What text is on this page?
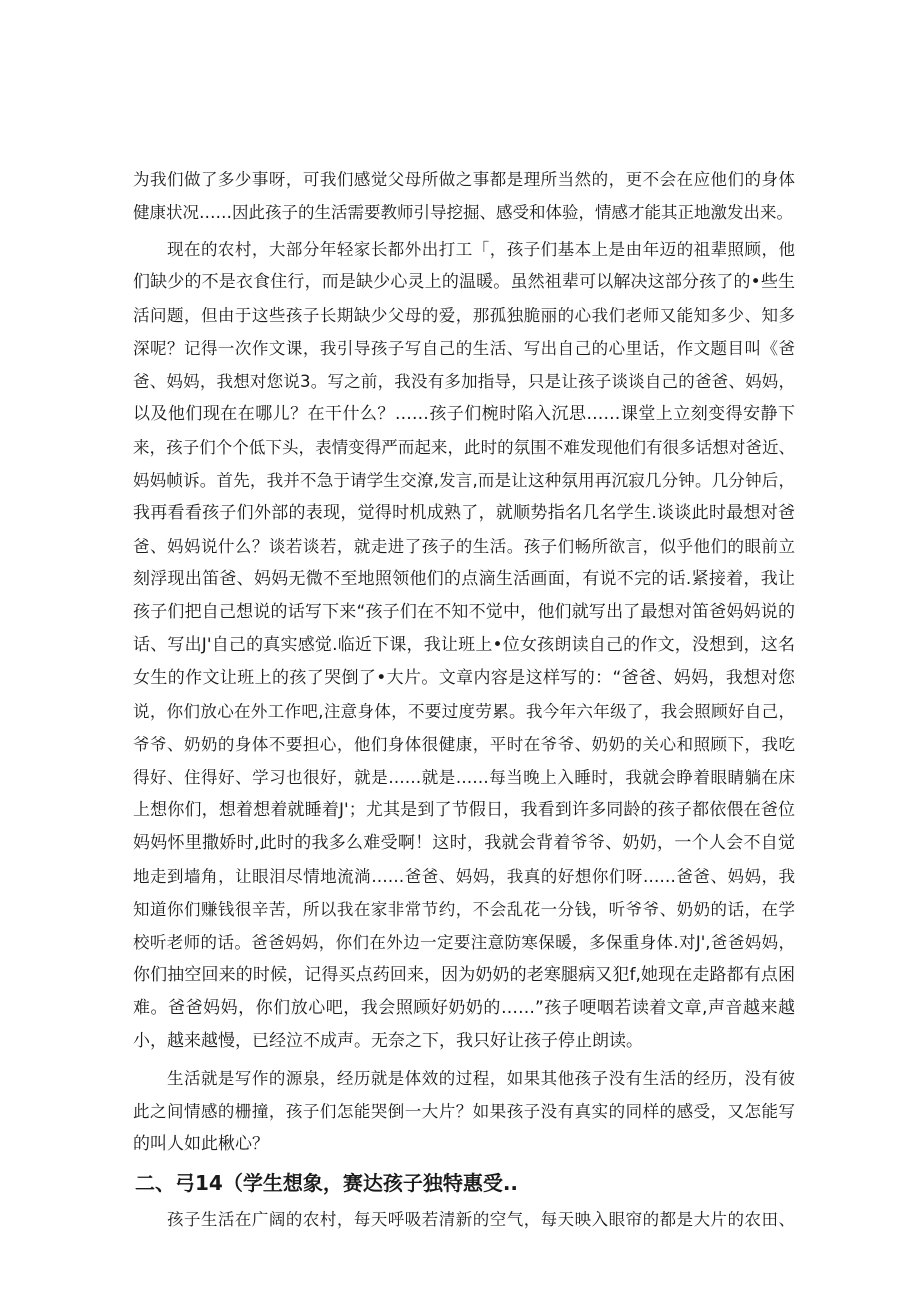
为我们做了多少事呀，可我们感觉父母所做之事都是理所当然的，更不会在应他们的身体
健康状况……因此孩子的生活需要教师引导挖掘、感受和体验，情感才能其正地激发出来。
　　现在的农村，大部分年轻家长都外出打工「，孩子们基本上是由年迈的祖辈照顾，他
们缺少的不是衣食住行，而是缺少心灵上的温暖。虽然祖辈可以解决这部分孩了的•些生
活问题，但由于这些孩子长期缺少父母的爱，那孤独脆丽的心我们老师又能知多少、知多
深呢？记得一次作文课，我引导孩子写自己的生活、写出自己的心里话，作文题目叫《爸
爸、妈妈，我想对您说3。写之前，我没有多加指导，只是让孩子谈谈自己的爸爸、妈妈，
以及他们现在在哪儿？在干什么？……孩子们椀时陷入沉思……课堂上立刻变得安静下
来，孩子们个个低下头，表情变得严而起来，此时的氛围不难发现他们有很多话想对爸近、
妈妈帧诉。首先，我并不急于请学生交潦,发言,而是让这种氛用再沉寂几分钟。几分钟后，
我再看看孩子们外部的表现，觉得时机成熟了，就顺势指名几名学生.谈谈此时最想对爸
爸、妈妈说什么？谈若谈若，就走进了孩子的生活。孩子们畅所欲言，似乎他们的眼前立
刻浮现出笛爸、妈妈无微不至地照领他们的点滴生活画面，有说不完的话.紧接着，我让
孩子们把自己想说的话写下来“孩子们在不知不觉中，他们就写出了最想对笛爸妈妈说的
话、写出J'自己的真实感觉.临近下课，我让班上•位女孩朗读自己的作文，没想到，这名
女生的作文让班上的孩了哭倒了•大片。文章内容是这样写的：“爸爸、妈妈，我想对您
说，你们放心在外工作吧,注意身体，不要过度劳累。我今年六年级了，我会照顾好自己，
爷爷、奶奶的身体不要担心，他们身体很健康，平时在爷爷、奶奶的关心和照顾下，我吃
得好、住得好、学习也很好，就是……就是……每当晚上入睡时，我就会睁着眼睛躺在床
上想你们，想着想着就睡着J'；尤其是到了节假日，我看到许多同龄的孩子都依偎在爸位
妈妈怀里撒娇时,此时的我多么难受啊！这时，我就会背着爷爷、奶奶，一个人会不自觉
地走到墙角，让眼泪尽情地流淌……爸爸、妈妈，我真的好想你们呀……爸爸、妈妈，我
知道你们赚钱很辛苦，所以我在家非常节约，不会乱花一分钱，听爷爷、奶奶的话，在学
校听老师的话。爸爸妈妈，你们在外边一定要注意防寒保暖，多保重身体.对J',爸爸妈妈，
你们抽空回来的时候，记得买点药回来，因为奶奶的老寒腿病又犯f,她现在走路都有点困
难。爸爸妈妈，你们放心吧，我会照顾好奶奶的……”孩子哽咽若读着文章,声音越来越
小，越来越慢，已经泣不成声。无奈之下，我只好让孩子停止朗读。
　　生活就是写作的源泉，经历就是体效的过程，如果其他孩子没有生活的经历，没有彼
此之间情感的栅撞，孩子们怎能哭倒一大片？如果孩子没有真实的同样的感受，又怎能写
的叫人如此楸心？
二、弓14（学生想象，赛达孩子独特惠受..
　　孩子生活在广阔的农村，每天呼吸若清新的空气，每天映入眼帘的都是大片的农田、
